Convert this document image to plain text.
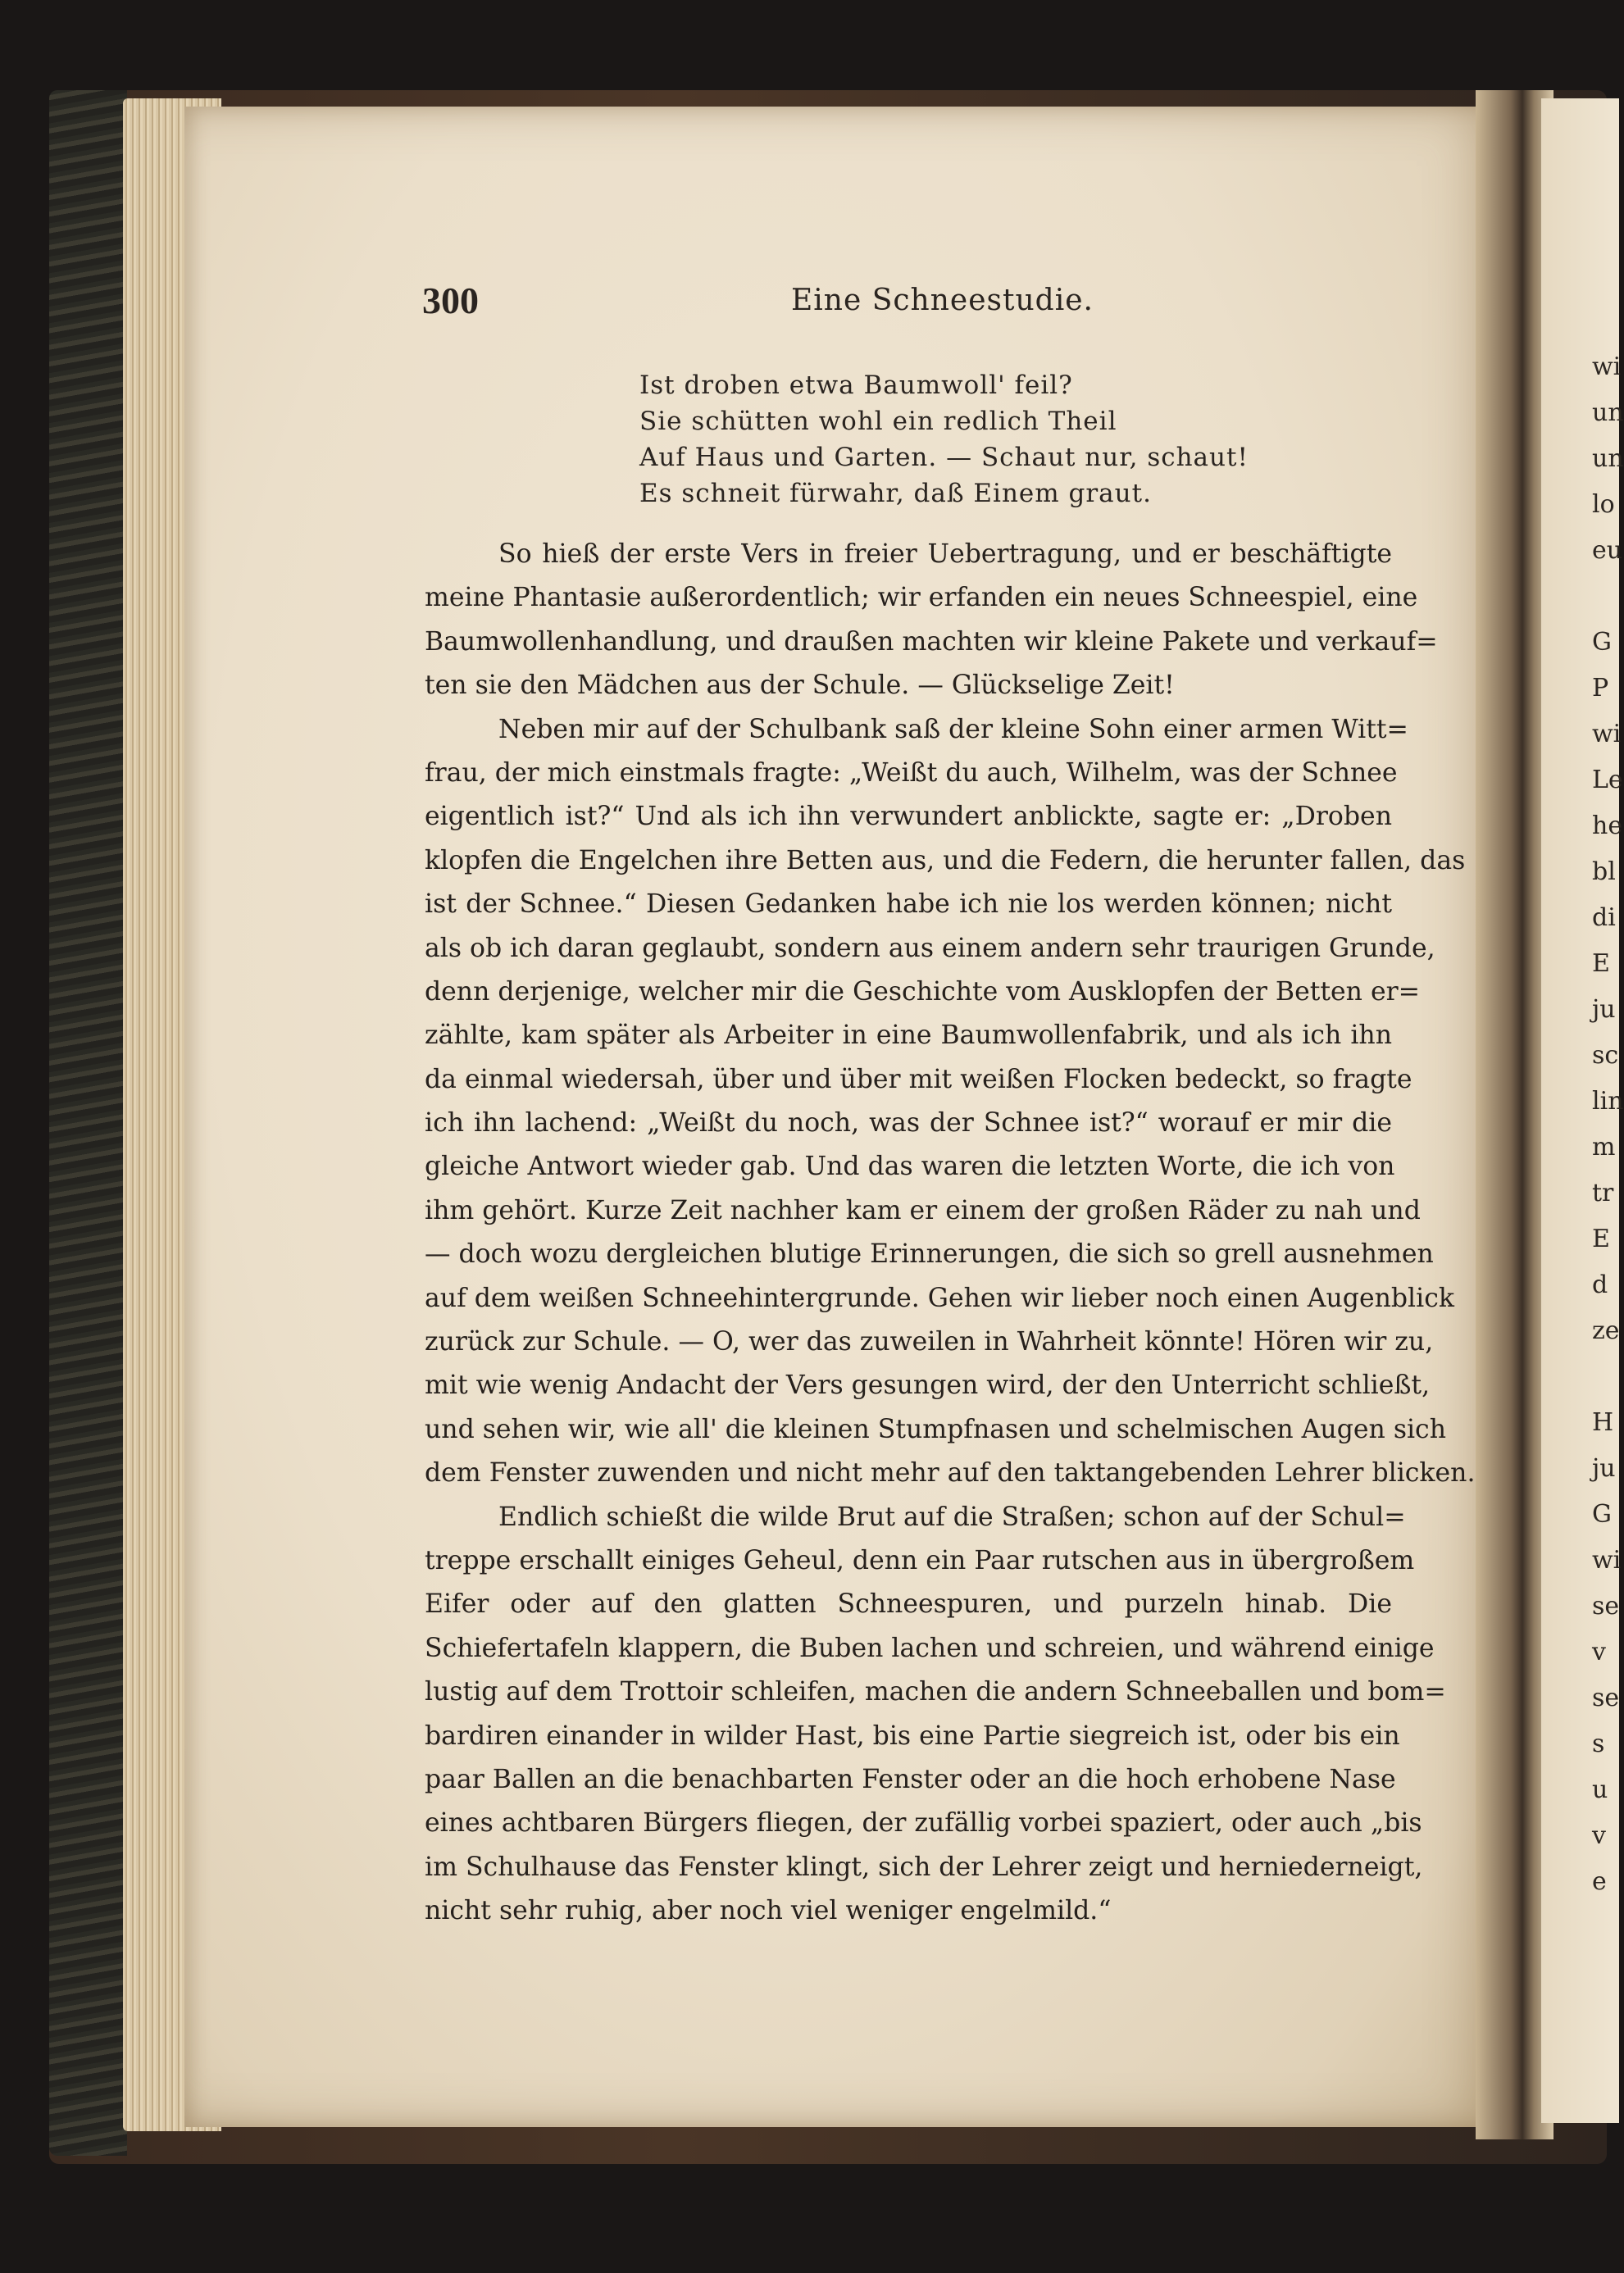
wi
un
un
lo
eu
G
P
wi
Le
he
bl
di
E
ju
sc
lin
m
tr
E
d
ze
H
ju
G
wi
se
v
se
s
u
v
e
300	Eine Schneestudie.
Ist droben etwa Baumwoll' feil?
Sie schütten wohl ein redlich Theil
Auf Haus und Garten. — Schaut nur, schaut!
Es schneit fürwahr, daß Einem graut.
So hieß der erste Vers in freier Uebertragung, und er beschäftigte
meine Phantasie außerordentlich; wir erfanden ein neues Schneespiel, eine
Baumwollenhandlung, und draußen machten wir kleine Pakete und verkauf=
ten sie den Mädchen aus der Schule. — Glückselige Zeit!
Neben mir auf der Schulbank saß der kleine Sohn einer armen Witt=
frau, der mich einstmals fragte: „Weißt du auch, Wilhelm, was der Schnee
eigentlich ist?“ Und als ich ihn verwundert anblickte, sagte er: „Droben
klopfen die Engelchen ihre Betten aus, und die Federn, die herunter fallen, das
ist der Schnee.“ Diesen Gedanken habe ich nie los werden können; nicht
als ob ich daran geglaubt, sondern aus einem andern sehr traurigen Grunde,
denn derjenige, welcher mir die Geschichte vom Ausklopfen der Betten er=
zählte, kam später als Arbeiter in eine Baumwollenfabrik, und als ich ihn
da einmal wiedersah, über und über mit weißen Flocken bedeckt, so fragte
ich ihn lachend: „Weißt du noch, was der Schnee ist?“ worauf er mir die
gleiche Antwort wieder gab. Und das waren die letzten Worte, die ich von
ihm gehört. Kurze Zeit nachher kam er einem der großen Räder zu nah und
— doch wozu dergleichen blutige Erinnerungen, die sich so grell ausnehmen
auf dem weißen Schneehintergrunde. Gehen wir lieber noch einen Augenblick
zurück zur Schule. — O, wer das zuweilen in Wahrheit könnte! Hören wir zu,
mit wie wenig Andacht der Vers gesungen wird, der den Unterricht schließt,
und sehen wir, wie all' die kleinen Stumpfnasen und schelmischen Augen sich
dem Fenster zuwenden und nicht mehr auf den taktangebenden Lehrer blicken.
Endlich schießt die wilde Brut auf die Straßen; schon auf der Schul=
treppe erschallt einiges Geheul, denn ein Paar rutschen aus in übergroßem
Eifer oder auf den glatten Schneespuren, und purzeln hinab. Die
Schiefertafeln klappern, die Buben lachen und schreien, und während einige
lustig auf dem Trottoir schleifen, machen die andern Schneeballen und bom=
bardiren einander in wilder Hast, bis eine Partie siegreich ist, oder bis ein
paar Ballen an die benachbarten Fenster oder an die hoch erhobene Nase
eines achtbaren Bürgers fliegen, der zufällig vorbei spaziert, oder auch „bis
im Schulhause das Fenster klingt, sich der Lehrer zeigt und herniederneigt,
nicht sehr ruhig, aber noch viel weniger engelmild.“
